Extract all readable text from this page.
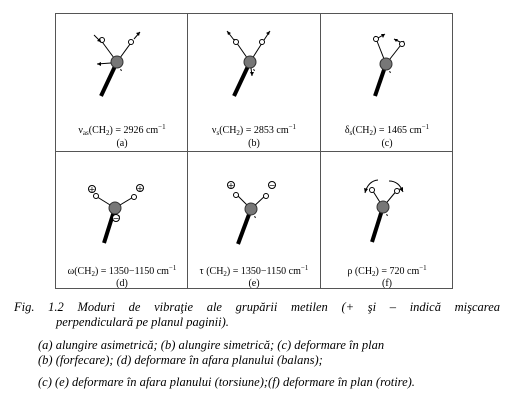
$\nu_{as}(CH_2) = 2926$ $cm^{-1}$
(a)
$\nu_s(CH_2) = 2853$ $cm^{-1}$
(b)
$\delta_s(CH_2) = 1465$ $cm^{-1}$
(c)
+	+
−
$\omega(CH_2) = 1350-1150$ $cm^{-1}$
(d)
+	−
τ $(CH_2) = 1350-1150$ $cm^{-1}$
(e)
ρ $(CH_2) = 720$ $cm^{-1}$
(f)
Fig. 1.2 Moduri de vibraţie ale grupării metilen (+ şi – indică mişcarea
perpendiculară pe planul paginii).
(a) alungire asimetrică; (b) alungire simetrică; (c) deformare în plan
(b) (forfecare); (d) deformare în afara planului (balans);
(c) (e) deformare în afara planului (torsiune);(f) deformare în plan (rotire).
